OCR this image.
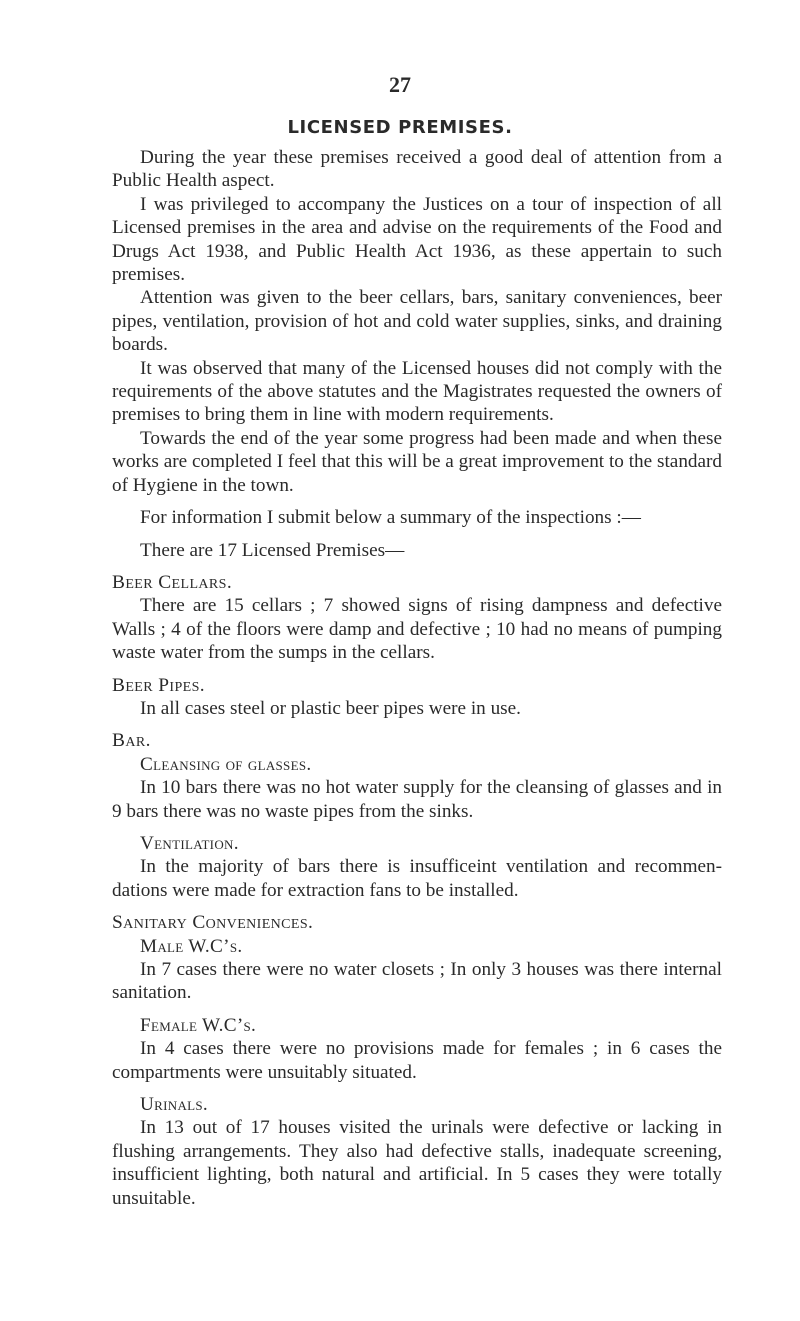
27
LICENSED PREMISES.

During the year these premises received a good deal of attention from a Public Health aspect.

I was privileged to accompany the Justices on a tour of inspection of all Licensed premises in the area and advise on the requirements of the Food and Drugs Act 1938, and Public Health Act 1936, as these appertain to such premises.

Attention was given to the beer cellars, bars, sanitary conveniences, beer pipes, ventilation, provision of hot and cold water supplies, sinks, and draining boards.

It was observed that many of the Licensed houses did not comply with the requirements of the above statutes and the Magistrates requested the owners of premises to bring them in line with modern requirements.

Towards the end of the year some progress had been made and when these works are completed I feel that this will be a great improvement to the standard of Hygiene in the town.

For information I submit below a summary of the inspections :—

There are 17 Licensed Premises—

Beer Cellars.

There are 15 cellars ; 7 showed signs of rising dampness and defective Walls ; 4 of the floors were damp and defective ; 10 had no means of pumping waste water from the sumps in the cellars.

Beer Pipes.

In all cases steel or plastic beer pipes were in use.

Bar.
Cleansing of glasses.

In 10 bars there was no hot water supply for the cleansing of glasses and in 9 bars there was no waste pipes from the sinks.

Ventilation.

In the majority of bars there is insufficeint ventilation and recommen- dations were made for extraction fans to be installed.

Sanitary Conveniences.
Male W.C’s.

In 7 cases there were no water closets ; In only 3 houses was there internal sanitation.

Female W.C’s.

In 4 cases there were no provisions made for females ; in 6 cases the compartments were unsuitably situated.

Urinals.

In 13 out of 17 houses visited the urinals were defective or lacking in flushing arrangements. They also had defective stalls, inadequate screening, insufficient lighting, both natural and artificial. In 5 cases they were totally unsuitable.
